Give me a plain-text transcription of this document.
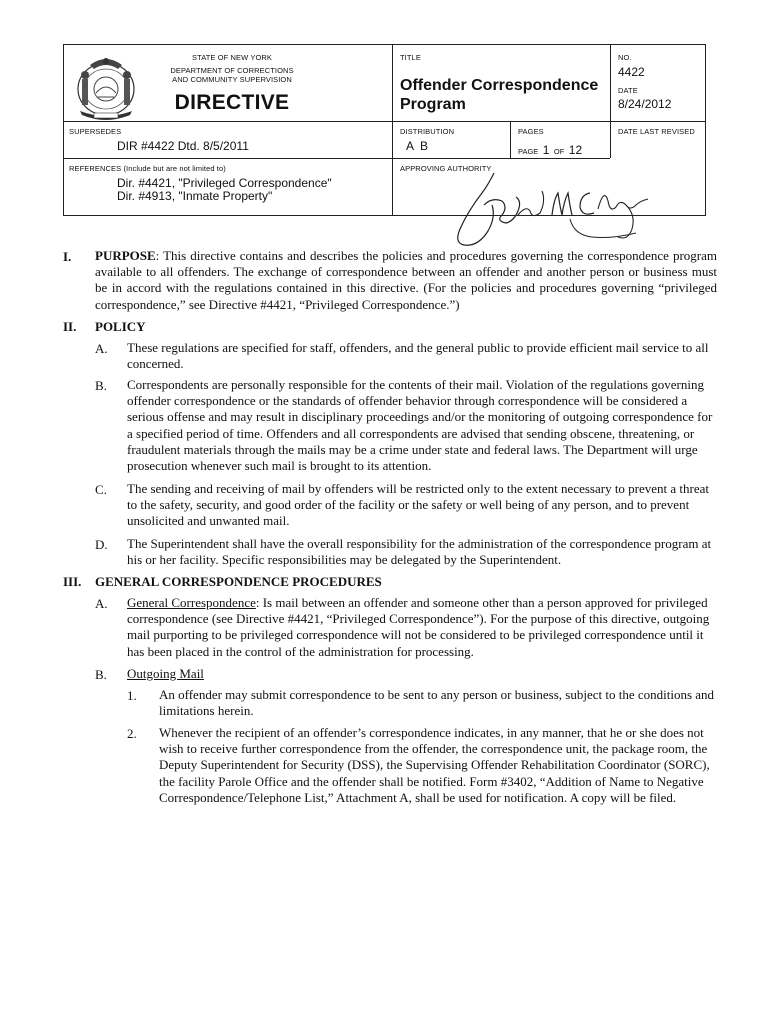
STATE OF NEW YORK
DEPARTMENT OF CORRECTIONS
AND COMMUNITY SUPERVISION
DIRECTIVE
TITLE
Offender Correspondence
Program
NO.
4422
DATE
8/24/2012
SUPERSEDES
DIR #4422 Dtd. 8/5/2011
DISTRIBUTION
A  B
PAGES
PAGE 1 OF 12
DATE LAST REVISED
REFERENCES (Include but are not limited to)
Dir. #4421, "Privileged Correspondence"
Dir. #4913, "Inmate Property"
APPROVING AUTHORITY
I. PURPOSE: This directive contains and describes the policies and procedures governing the correspondence program available to all offenders. The exchange of correspondence between an offender and another person or business must be in accord with the regulations contained in this directive. (For the policies and procedures governing “privileged correspondence,” see Directive #4421, “Privileged Correspondence.”)
II. POLICY
A. These regulations are specified for staff, offenders, and the general public to provide efficient mail service to all concerned.
B. Correspondents are personally responsible for the contents of their mail. Violation of the regulations governing offender correspondence or the standards of offender behavior through correspondence will be considered a serious offense and may result in disciplinary proceedings and/or the monitoring of outgoing correspondence for a specified period of time. Offenders and all correspondents are advised that sending obscene, threatening, or fraudulent materials through the mails may be a crime under state and federal laws. The Department will urge prosecution whenever such mail is brought to its attention.
C. The sending and receiving of mail by offenders will be restricted only to the extent necessary to prevent a threat to the safety, security, and good order of the facility or the safety or well being of any person, and to prevent unsolicited and unwanted mail.
D. The Superintendent shall have the overall responsibility for the administration of the correspondence program at his or her facility. Specific responsibilities may be delegated by the Superintendent.
III. GENERAL CORRESPONDENCE PROCEDURES
A. General Correspondence: Is mail between an offender and someone other than a person approved for privileged correspondence (see Directive #4421, “Privileged Correspondence”). For the purpose of this directive, outgoing mail purporting to be privileged correspondence will not be considered to be privileged correspondence until it has been placed in the control of the administration for processing.
B. Outgoing Mail
1. An offender may submit correspondence to be sent to any person or business, subject to the conditions and limitations herein.
2. Whenever the recipient of an offender’s correspondence indicates, in any manner, that he or she does not wish to receive further correspondence from the offender, the correspondence unit, the package room, the Deputy Superintendent for Security (DSS), the Supervising Offender Rehabilitation Coordinator (SORC), the facility Parole Office and the offender shall be notified. Form #3402, “Addition of Name to Negative Correspondence/Telephone List,” Attachment A, shall be used for notification. A copy will be filed.
